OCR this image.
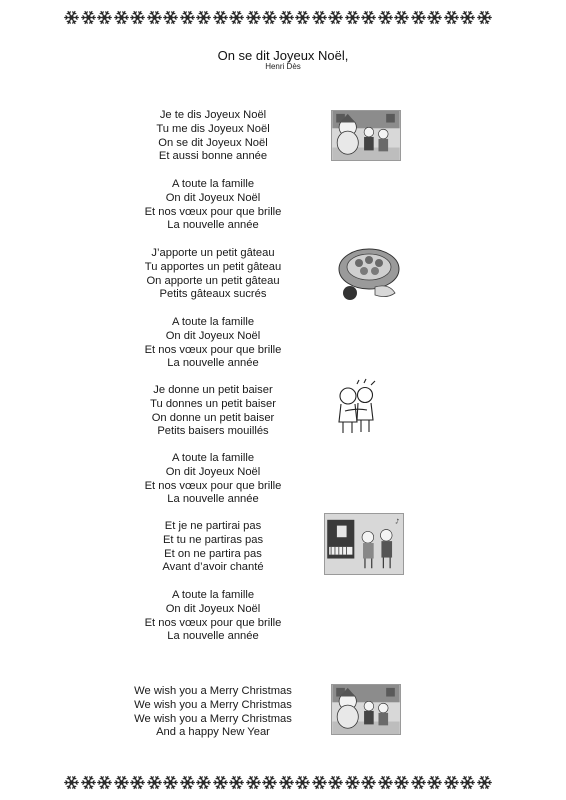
On se dit Joyeux Noël,
Henri Dès
Je te dis Joyeux Noël
Tu me dis Joyeux Noël
On se dit Joyeux Noël
Et aussi bonne année
A toute la famille
On dit Joyeux Noël
Et nos vœux pour que brille
La nouvelle année
J’apporte un petit gâteau
Tu apportes un petit gâteau
On apporte un petit gâteau
Petits gâteaux sucrés
A toute la famille
On dit Joyeux Noël
Et nos vœux pour que brille
La nouvelle année
Je donne un petit baiser
Tu donnes un petit baiser
On donne un petit baiser
Petits baisers mouillés
A toute la famille
On dit Joyeux Noël
Et nos vœux pour que brille
La nouvelle année
Et je ne partirai pas
Et tu ne partiras pas
Et on ne partira pas
Avant d’avoir chanté
A toute la famille
On dit Joyeux Noël
Et nos vœux pour que brille
La nouvelle année
We wish you a Merry Christmas
We wish you a Merry Christmas
We wish you a Merry Christmas
And a happy New Year
♪
